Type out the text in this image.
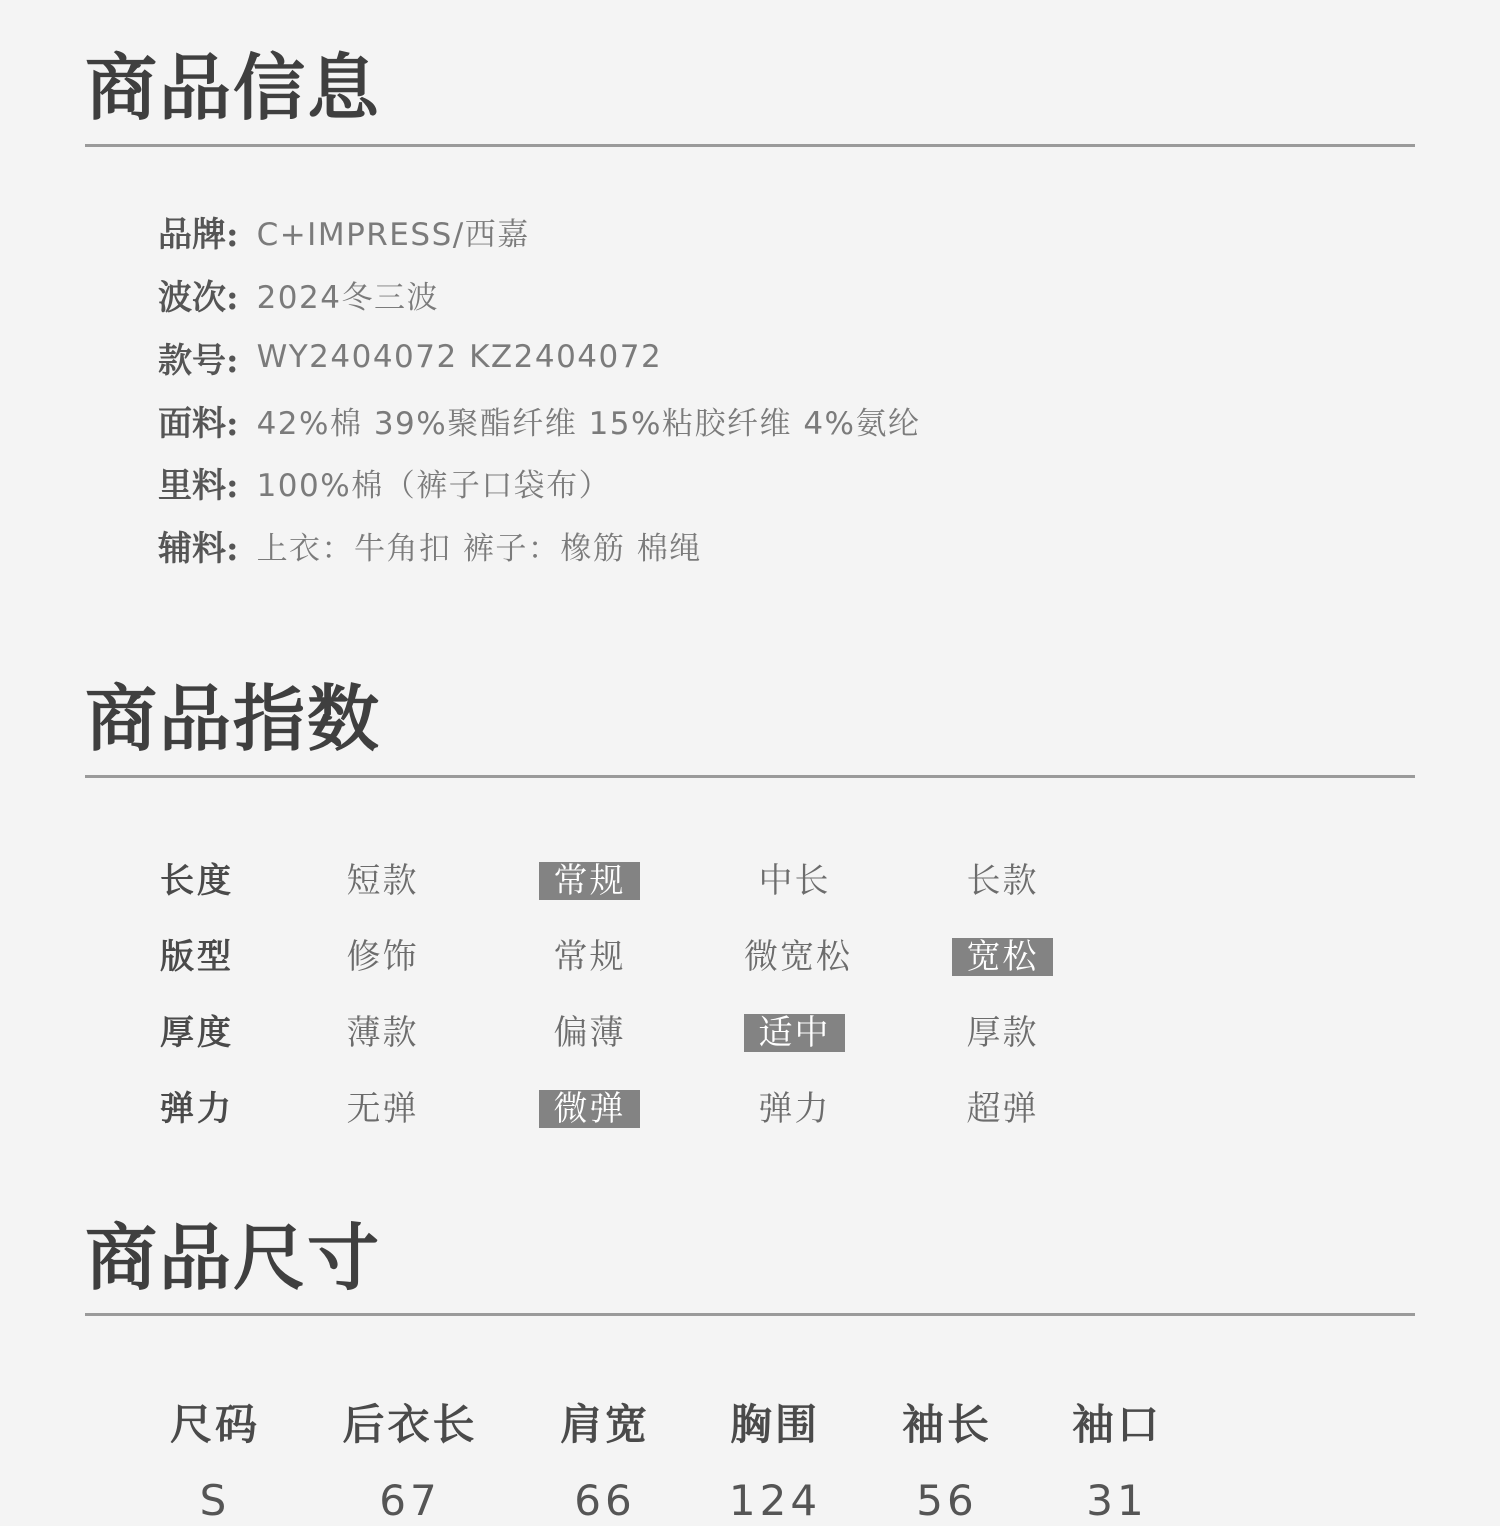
商品信息
品牌: C+IMPRESS/西嘉
波次: 2024冬三波
款号: WY2404072 KZ2404072
面料: 42%棉 39%聚酯纤维 15%粘胶纤维 4%氨纶
里料: 100%棉（裤子口袋布）
辅料: 上衣：牛角扣 裤子：橡筋 棉绳
商品指数
长度	短款	常规	中长	长款
版型	修饰	常规	微宽松	宽松
厚度	薄款	偏薄	适中	厚款
弹力	无弹	微弹	弹力	超弹
商品尺寸
尺码	后衣长	肩宽	胸围	袖长	袖口
S	67	66	124	56	31
